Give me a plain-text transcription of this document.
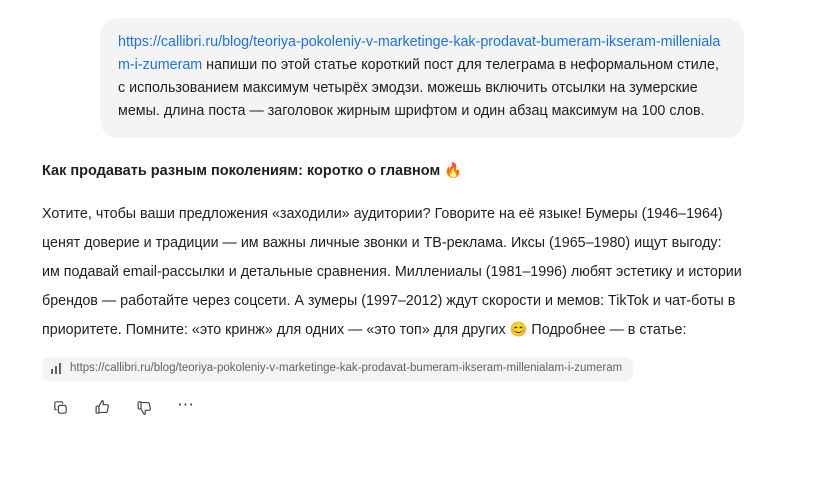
https://callibri.ru/blog/teoriya-pokoleniy-v-marketinge-kak-prodavat-bumeram-ikseram-millenialam-i-zumeram напиши по этой статье короткий пост для телеграма в неформальном стиле, с использованием максимум четырёх эмодзи. можешь включить отсылки на зумерские мемы. длина поста — заголовок жирным шрифтом и один абзац максимум на 100 слов.
Как продавать разным поколениям: коротко о главном 🔥

Хотите, чтобы ваши предложения «заходили» аудитории? Говорите на её языке! Бумеры (1946–1964) ценят доверие и традиции — им важны личные звонки и ТВ-реклама. Иксы (1965–1980) ищут выгоду: им подавай email-рассылки и детальные сравнения. Миллениалы (1981–1996) любят эстетику и истории брендов — работайте через соцсети. А зумеры (1997–2012) ждут скорости и мемов: TikTok и чат-боты в приоритете. Помните: «это кринж» для одних — «это топ» для других 😊 Подробнее — в статье:

https://callibri.ru/blog/teoriya-pokoleniy-v-marketinge-kak-prodavat-bumeram-ikseram-millenialam-i-zumeram
⋯
